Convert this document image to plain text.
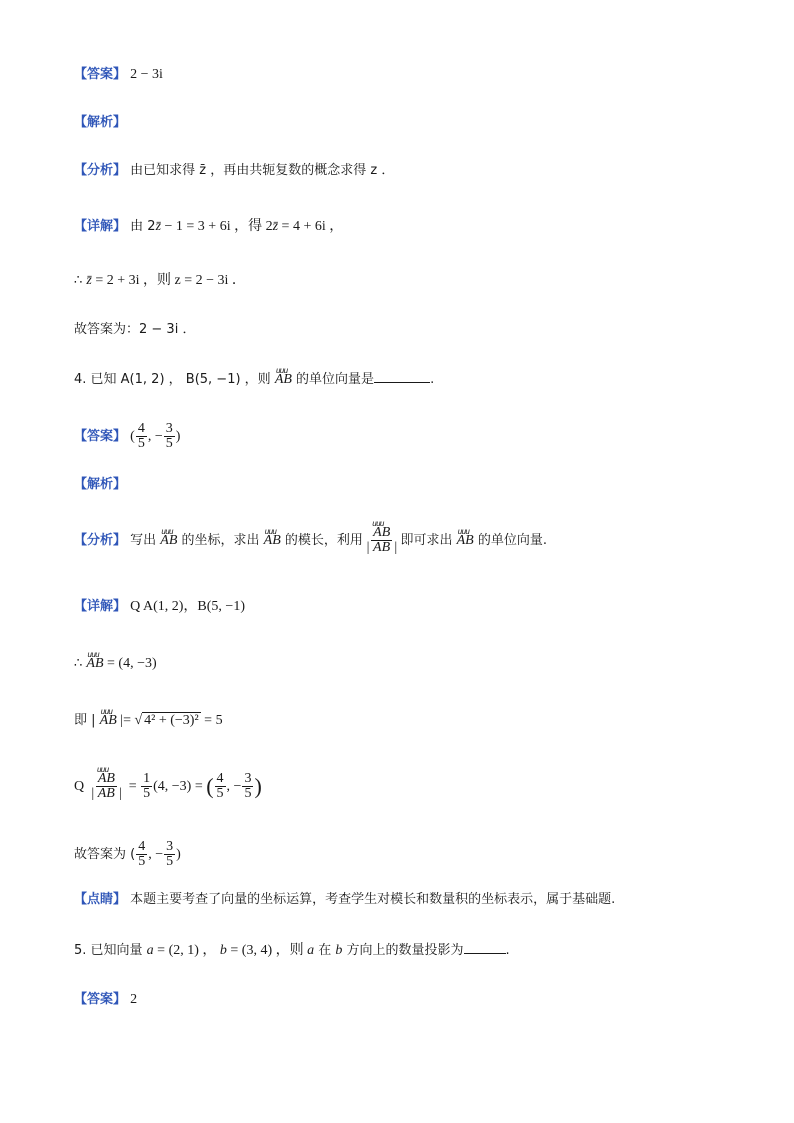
【答案】 2 − 3i
【解析】
【分析】 由已知求得 z̄ ，再由共轭复数的概念求得 z ．
【详解】 由 2z̄ − 1 = 3 + 6i ，得 2z̄ = 4 + 6i ，
∴ z̄ = 2 + 3i ，则 z = 2 − 3i ．
故答案为：2 − 3i ．
4. 已知 A(1, 2) ， B(5, −1) ，则 uuu AB 的单位向量是	.
【答案】 ( $\frac{4}{5}$ , − $\frac{3}{5}$ )
【解析】
【分析】 写出 uuu AB 的坐标，求出 uuu AB 的模长，利用 uuu $\frac{AB}{| AB |}$ 即可求出 uuu AB 的单位向量.
【详解】 Q A(1, 2)，B(5, −1)
∴ uuu AB = (4, −3)
即 | uuu AB |= √ 4² + (−3)² = 5
Q uuu $\frac{AB}{| AB |} = \frac{1}{5} (4$, −3) = ( $\frac{4}{5}$ , − $\frac{3}{5}$ )
故答案为 ( $\frac{4}{5}$ , − $\frac{3}{5}$ )
【点睛】 本题主要考查了向量的坐标运算，考查学生对模长和数量积的坐标表示，属于基础题.
5. 已知向量 a = (2, 1) ， b = (3, 4) ，则 a 在 b 方向上的数量投影为	.
【答案】 2
